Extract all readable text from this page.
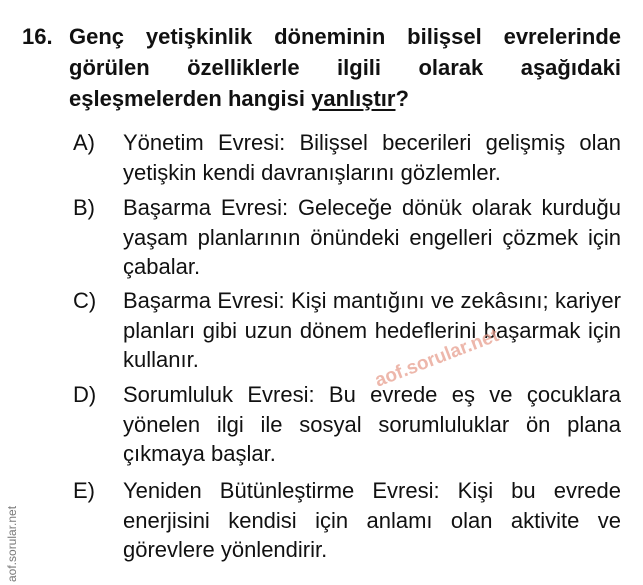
16. Genç yetişkinlik döneminin bilişsel evrelerinde görülen özelliklerle ilgili olarak aşağıdaki eşleşmelerden hangisi yanlıştır?
A)	Yönetim Evresi: Bilişsel becerileri gelişmiş olan yetişkin kendi davranışlarını gözlemler.
B)	Başarma Evresi: Geleceğe dönük olarak kurduğu yaşam planlarının önündeki engelleri çözmek için çabalar.
C)	Başarma Evresi: Kişi mantığını ve zekâsını; kariyer planları gibi uzun dönem hedeflerini başarmak için kullanır.
D)	Sorumluluk Evresi: Bu evrede eş ve çocuklara yönelen ilgi ile sosyal sorumluluklar ön plana çıkmaya başlar.
E)	Yeniden Bütünleştirme Evresi: Kişi bu evrede enerjisini kendisi için anlamı olan aktivite ve görevlere yönlendirir.
aof.sorular.net
aof.sorular.net
